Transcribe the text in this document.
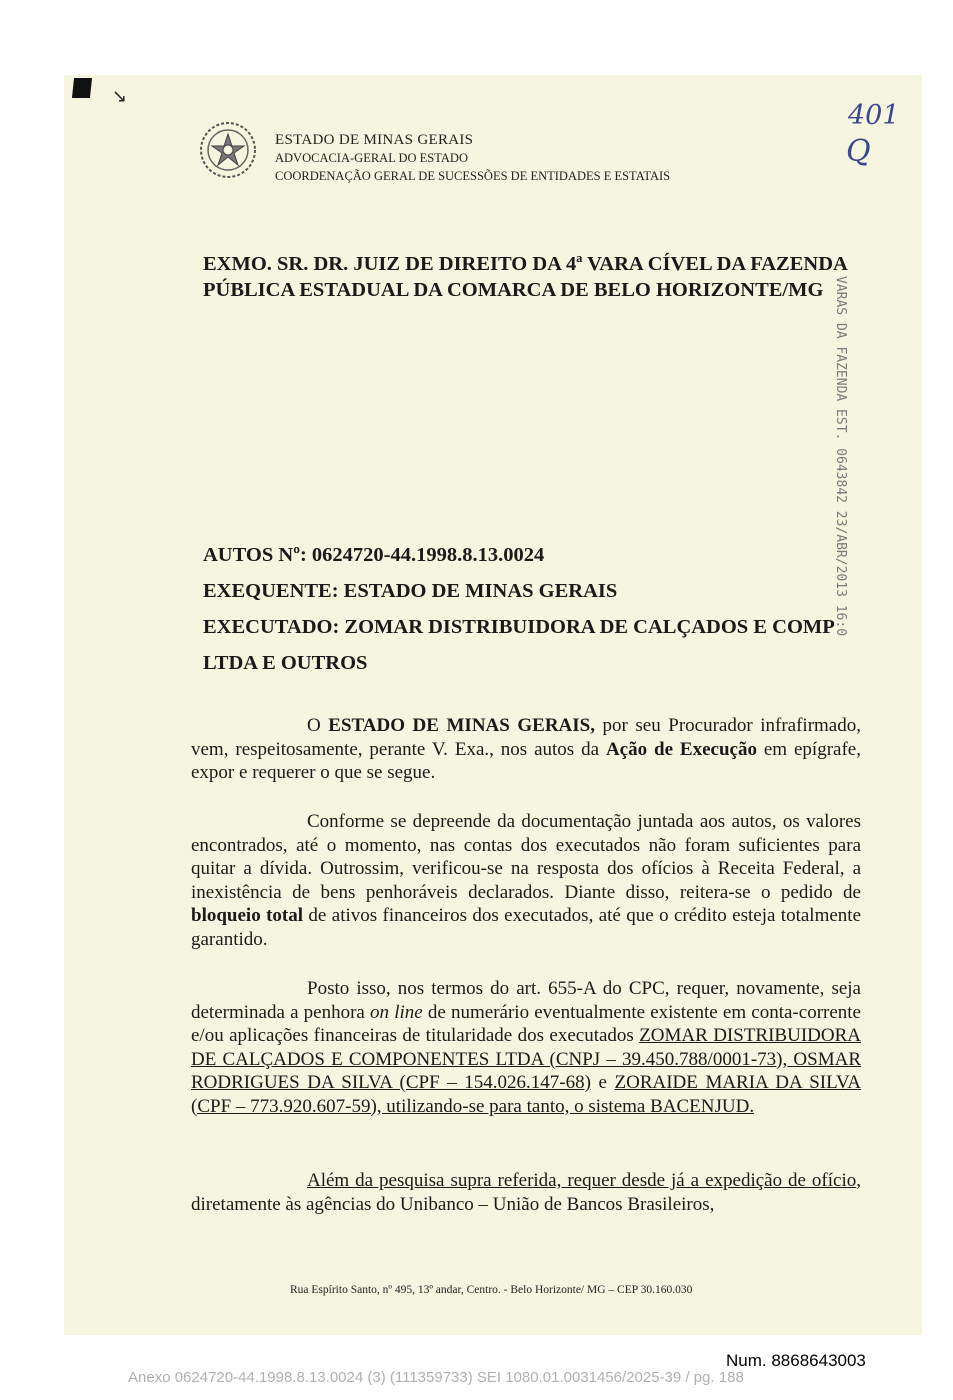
↘
ESTADO DE MINAS GERAIS
ADVOCACIA-GERAL DO ESTADO
COORDENAÇÃO GERAL DE SUCESSÕES DE ENTIDADES E ESTATAIS
401
Q
EXMO. SR. DR. JUIZ DE DIREITO DA 4ª VARA CÍVEL DA FAZENDA
PÚBLICA ESTADUAL DA COMARCA DE BELO HORIZONTE/MG VARAS DA FAZENDA EST. 0643842 23/ABR/2013 16:0
AUTOS Nº: 0624720-44.1998.8.13.0024
EXEQUENTE: ESTADO DE MINAS GERAIS
EXECUTADO: ZOMAR DISTRIBUIDORA DE CALÇADOS E COMP
LTDA E OUTROS

O ESTADO DE MINAS GERAIS, por seu Procurador infrafirmado, vem, respeitosamente, perante V. Exa., nos autos da Ação de Execução em epígrafe, expor e requerer o que se segue.

Conforme se depreende da documentação juntada aos autos, os valores encontrados, até o momento, nas contas dos executados não foram suficientes para quitar a dívida. Outrossim, verificou-se na resposta dos ofícios à Receita Federal, a inexistência de bens penhoráveis declarados. Diante disso, reitera-se o pedido de bloqueio total de ativos financeiros dos executados, até que o crédito esteja totalmente garantido.

Posto isso, nos termos do art. 655-A do CPC, requer, novamente, seja determinada a penhora on line de numerário eventualmente existente em conta-corrente e/ou aplicações financeiras de titularidade dos executados ZOMAR DISTRIBUIDORA DE CALÇADOS E COMPONENTES LTDA (CNPJ – 39.450.788/0001-73), OSMAR RODRIGUES DA SILVA (CPF – 154.026.147-68) e ZORAIDE MARIA DA SILVA (CPF – 773.920.607-59), utilizando-se para tanto, o sistema BACENJUD.

Além da pesquisa supra referida, requer desde já a expedição de ofício, diretamente às agências do Unibanco – União de Bancos Brasileiros,

Rua Espírito Santo, nº 495, 13º andar, Centro. - Belo Horizonte/ MG – CEP 30.160.030
Num. 8868643003
Anexo 0624720-44.1998.8.13.0024 (3) (111359733) SEI 1080.01.0031456/2025-39 / pg. 188
